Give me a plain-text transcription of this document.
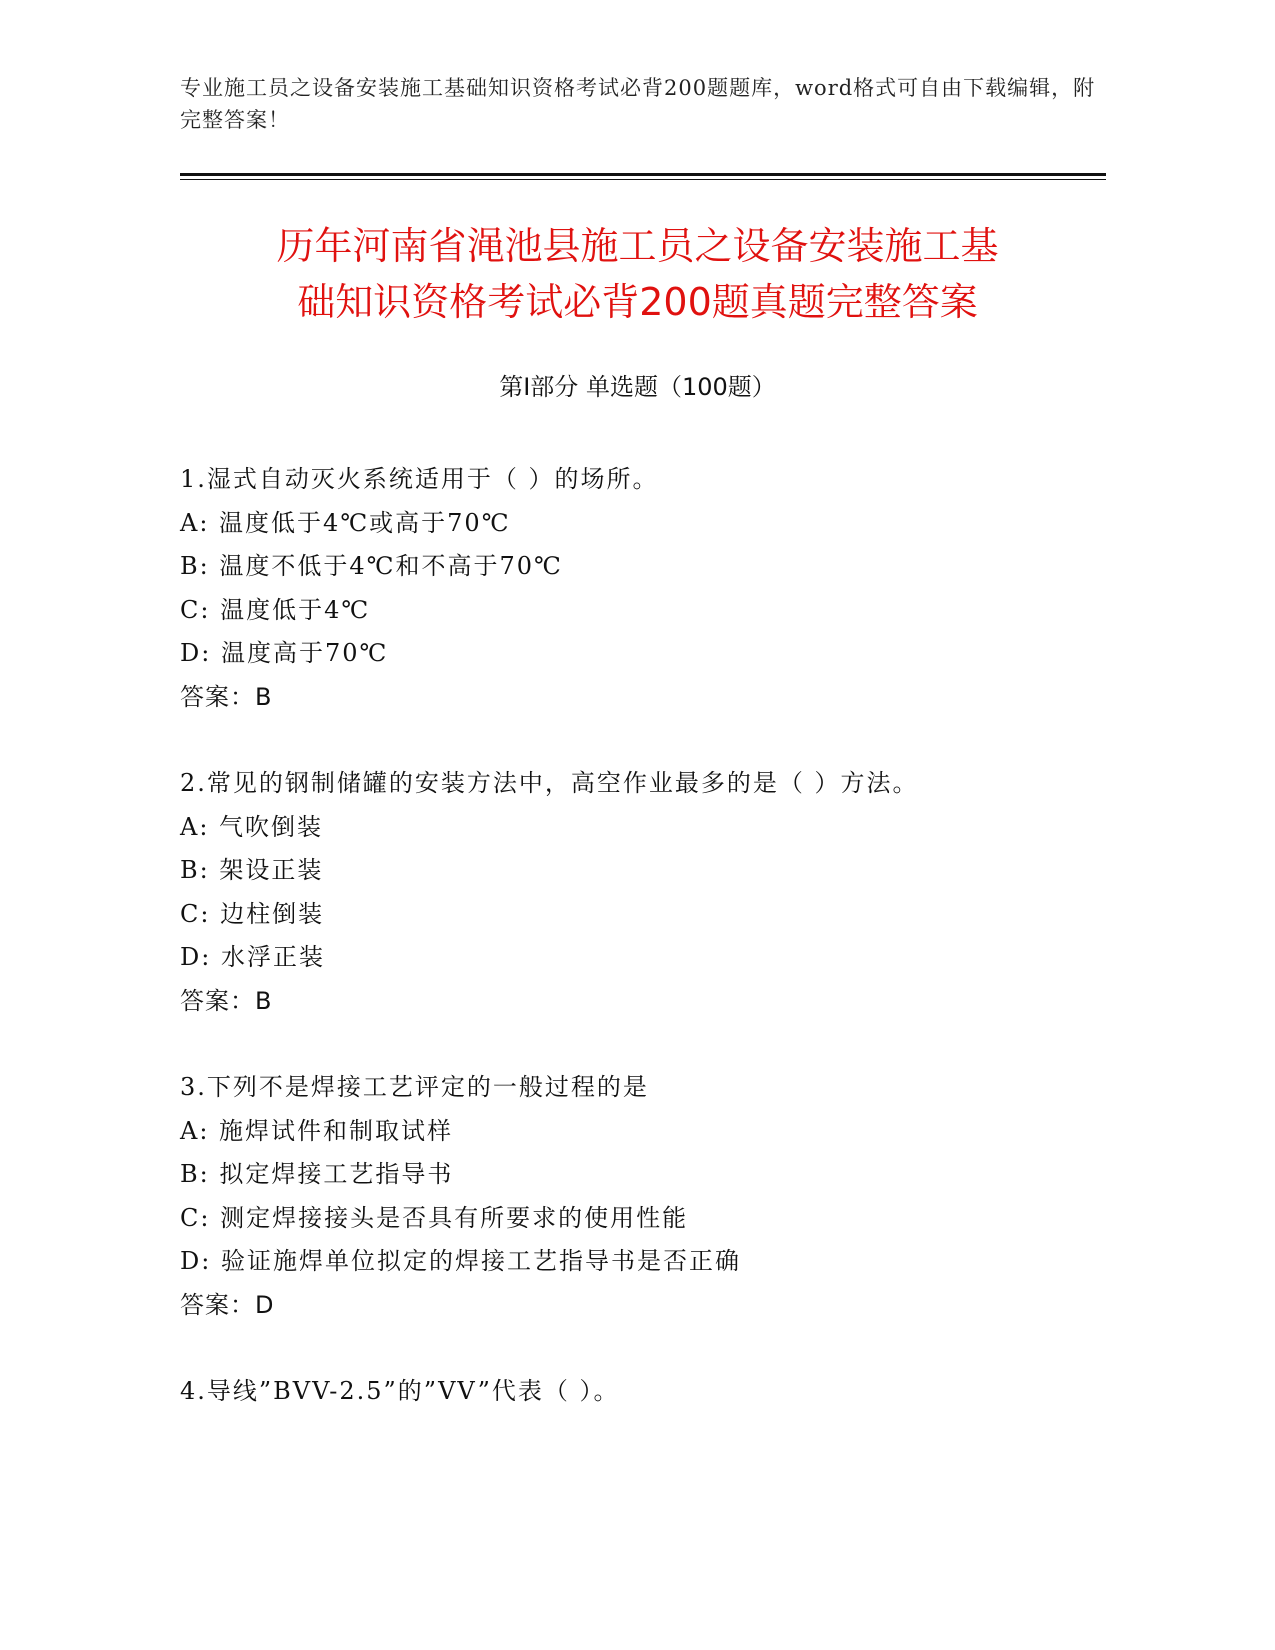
专业施工员之设备安装施工基础知识资格考试必背200题题库，word格式可自由下载编辑，附完整答案！
历年河南省渑池县施工员之设备安装施工基
础知识资格考试必背200题真题完整答案
第Ⅰ部分 单选题（100题）
1.湿式自动灭火系统适用于（ ）的场所。
A: 温度低于4℃或高于70℃
B: 温度不低于4℃和不高于70℃
C: 温度低于4℃
D: 温度高于70℃
答案：B
2.常见的钢制储罐的安装方法中，高空作业最多的是（ ）方法。
A: 气吹倒装
B: 架设正装
C: 边柱倒装
D: 水浮正装
答案：B
3.下列不是焊接工艺评定的一般过程的是
A: 施焊试件和制取试样
B: 拟定焊接工艺指导书
C: 测定焊接接头是否具有所要求的使用性能
D: 验证施焊单位拟定的焊接工艺指导书是否正确
答案：D
4.导线”BVV-2.5”的”VV”代表（ ）。
